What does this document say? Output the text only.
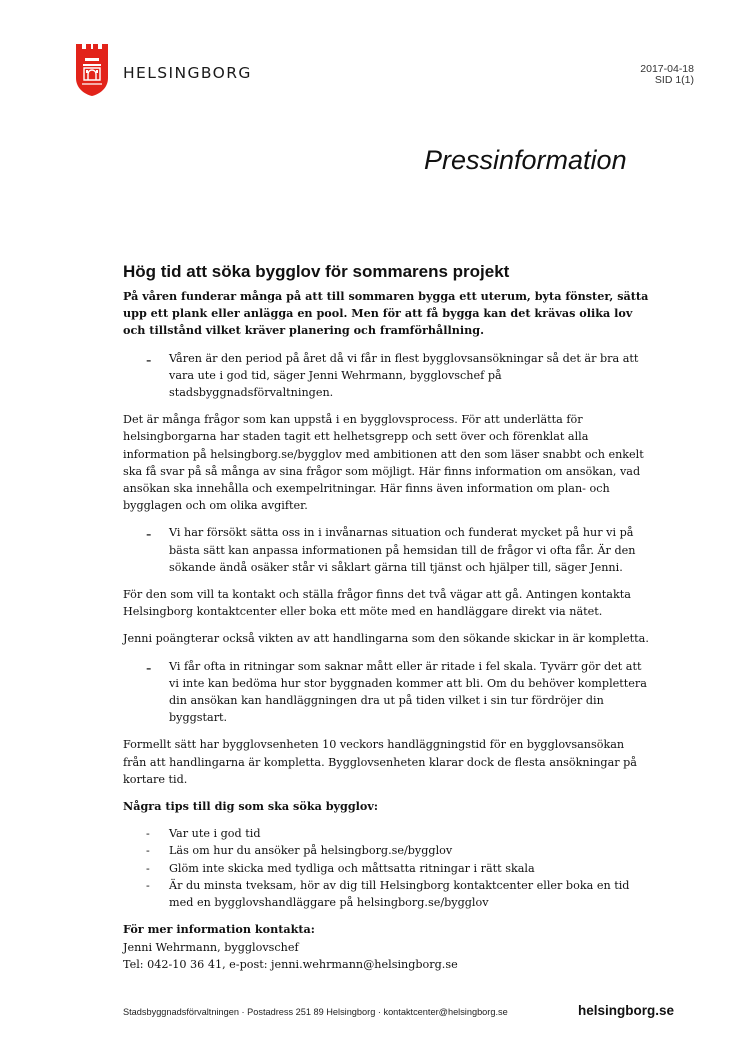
HELSINGBORG	2017-04-18
SID 1(1)
Pressinformation
Hög tid att söka bygglov för sommarens projekt

På våren funderar många på att till sommaren bygga ett uterum, byta fönster, sätta upp ett plank eller anlägga en pool. Men för att få bygga kan det krävas olika lov och tillstånd vilket kräver planering och framförhållning.

- Våren är den period på året då vi får in flest bygglovsansökningar så det är bra att vara ute i god tid, säger Jenni Wehrmann, bygglovschef på stadsbyggnadsförvaltningen.

Det är många frågor som kan uppstå i en bygglovsprocess. För att underlätta för helsingborgarna har staden tagit ett helhetsgrepp och sett över och förenklat alla information på helsingborg.se/bygglov med ambitionen att den som läser snabbt och enkelt ska få svar på så många av sina frågor som möjligt. Här finns information om ansökan, vad ansökan ska innehålla och exempelritningar. Här finns även information om plan- och bygglagen och om olika avgifter.

- Vi har försökt sätta oss in i invånarnas situation och funderat mycket på hur vi på bästa sätt kan anpassa informationen på hemsidan till de frågor vi ofta får. Är den sökande ändå osäker står vi såklart gärna till tjänst och hjälper till, säger Jenni.

För den som vill ta kontakt och ställa frågor finns det två vägar att gå. Antingen kontakta Helsingborg kontaktcenter eller boka ett möte med en handläggare direkt via nätet.

Jenni poängterar också vikten av att handlingarna som den sökande skickar in är kompletta.

- Vi får ofta in ritningar som saknar mått eller är ritade i fel skala. Tyvärr gör det att vi inte kan bedöma hur stor byggnaden kommer att bli. Om du behöver komplettera din ansökan kan handläggningen dra ut på tiden vilket i sin tur fördröjer din byggstart.

Formellt sätt har bygglovsenheten 10 veckors handläggningstid för en bygglovsansökan från att handlingarna är kompletta. Bygglovsenheten klarar dock de flesta ansökningar på kortare tid.

Några tips till dig som ska söka bygglov:

- Var ute i god tid
- Läs om hur du ansöker på helsingborg.se/bygglov
- Glöm inte skicka med tydliga och måttsatta ritningar i rätt skala
- Är du minsta tveksam, hör av dig till Helsingborg kontaktcenter eller boka en tid med en bygglovshandläggare på helsingborg.se/bygglov

För mer information kontakta:

Jenni Wehrmann, bygglovschef

Tel: 042-10 36 41, e-post: jenni.wehrmann@helsingborg.se

Stadsbyggnadsförvaltningen · Postadress 251 89 Helsingborg · kontaktcenter@helsingborg.se	helsingborg.se
